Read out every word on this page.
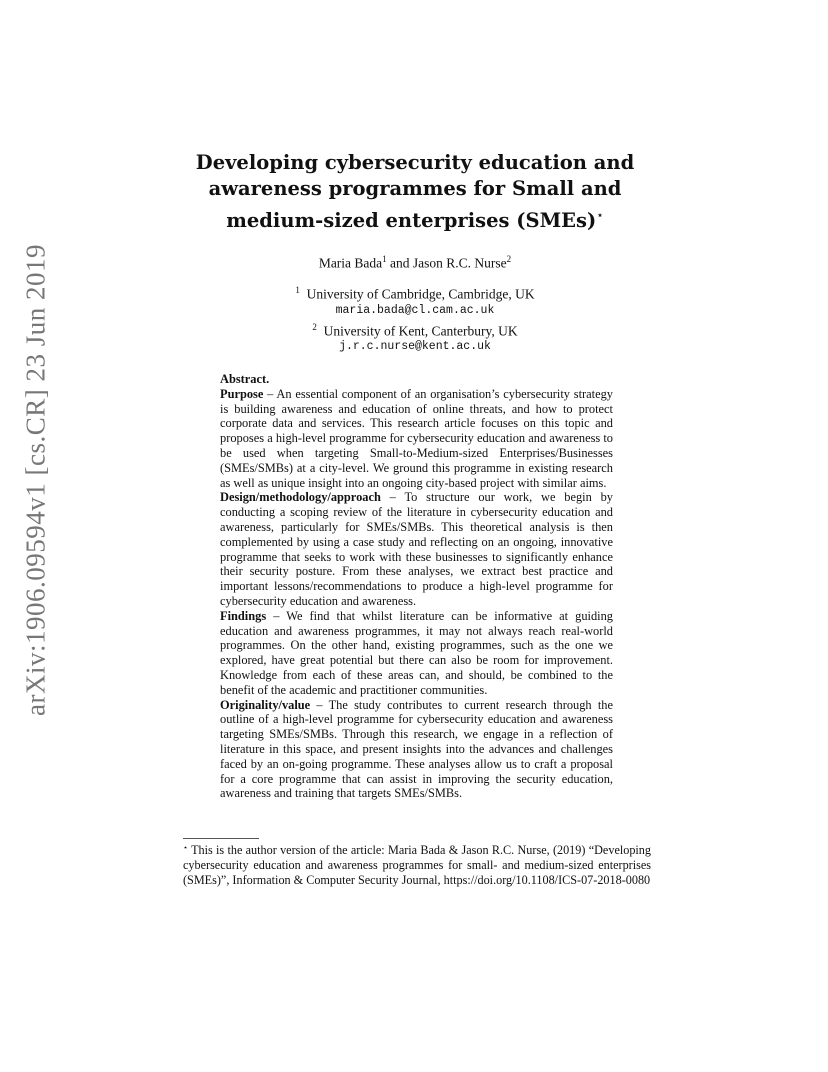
arXiv:1906.09594v1 [cs.CR] 23 Jun 2019
Developing cybersecurity education and
awareness programmes for Small and
medium-sized enterprises (SMEs)⋆
Maria Bada$^1$ and Jason R.C. Nurse$^2$
$^1$ University of Cambridge, Cambridge, UK
maria.bada@cl.cam.ac.uk
$^2$ University of Kent, Canterbury, UK
j.r.c.nurse@kent.ac.uk

Abstract.

Purpose – An essential component of an organisation’s cybersecurity strategy is building awareness and education of online threats, and how to protect corporate data and services. This research article focuses on this topic and proposes a high-level programme for cybersecurity education and awareness to be used when targeting Small-to-Medium-sized Enterprises/Businesses (SMEs/SMBs) at a city-level. We ground this programme in existing research as well as unique insight into an ongoing city-based project with similar aims.

Design/methodology/approach – To structure our work, we begin by conducting a scoping review of the literature in cybersecurity education and awareness, particularly for SMEs/SMBs. This theoretical analysis is then complemented by using a case study and reflecting on an ongoing, innovative programme that seeks to work with these businesses to significantly enhance their security posture. From these analyses, we extract best practice and important lessons/recommendations to produce a high-level programme for cybersecurity education and awareness.

Findings – We find that whilst literature can be informative at guiding education and awareness programmes, it may not always reach real-world programmes. On the other hand, existing programmes, such as the one we explored, have great potential but there can also be room for improvement. Knowledge from each of these areas can, and should, be combined to the benefit of the academic and practitioner communities.

Originality/value – The study contributes to current research through the outline of a high-level programme for cybersecurity education and awareness targeting SMEs/SMBs. Through this research, we engage in a reflection of literature in this space, and present insights into the advances and challenges faced by an on-going programme. These analyses allow us to craft a proposal for a core programme that can assist in improving the security education, awareness and training that targets SMEs/SMBs.

⋆ This is the author version of the article: Maria Bada & Jason R.C. Nurse, (2019) “Developing cybersecurity education and awareness programmes for small- and medium-sized enterprises (SMEs)”, Information & Computer Security Journal, https://doi.org/10.1108/ICS-07-2018-0080
